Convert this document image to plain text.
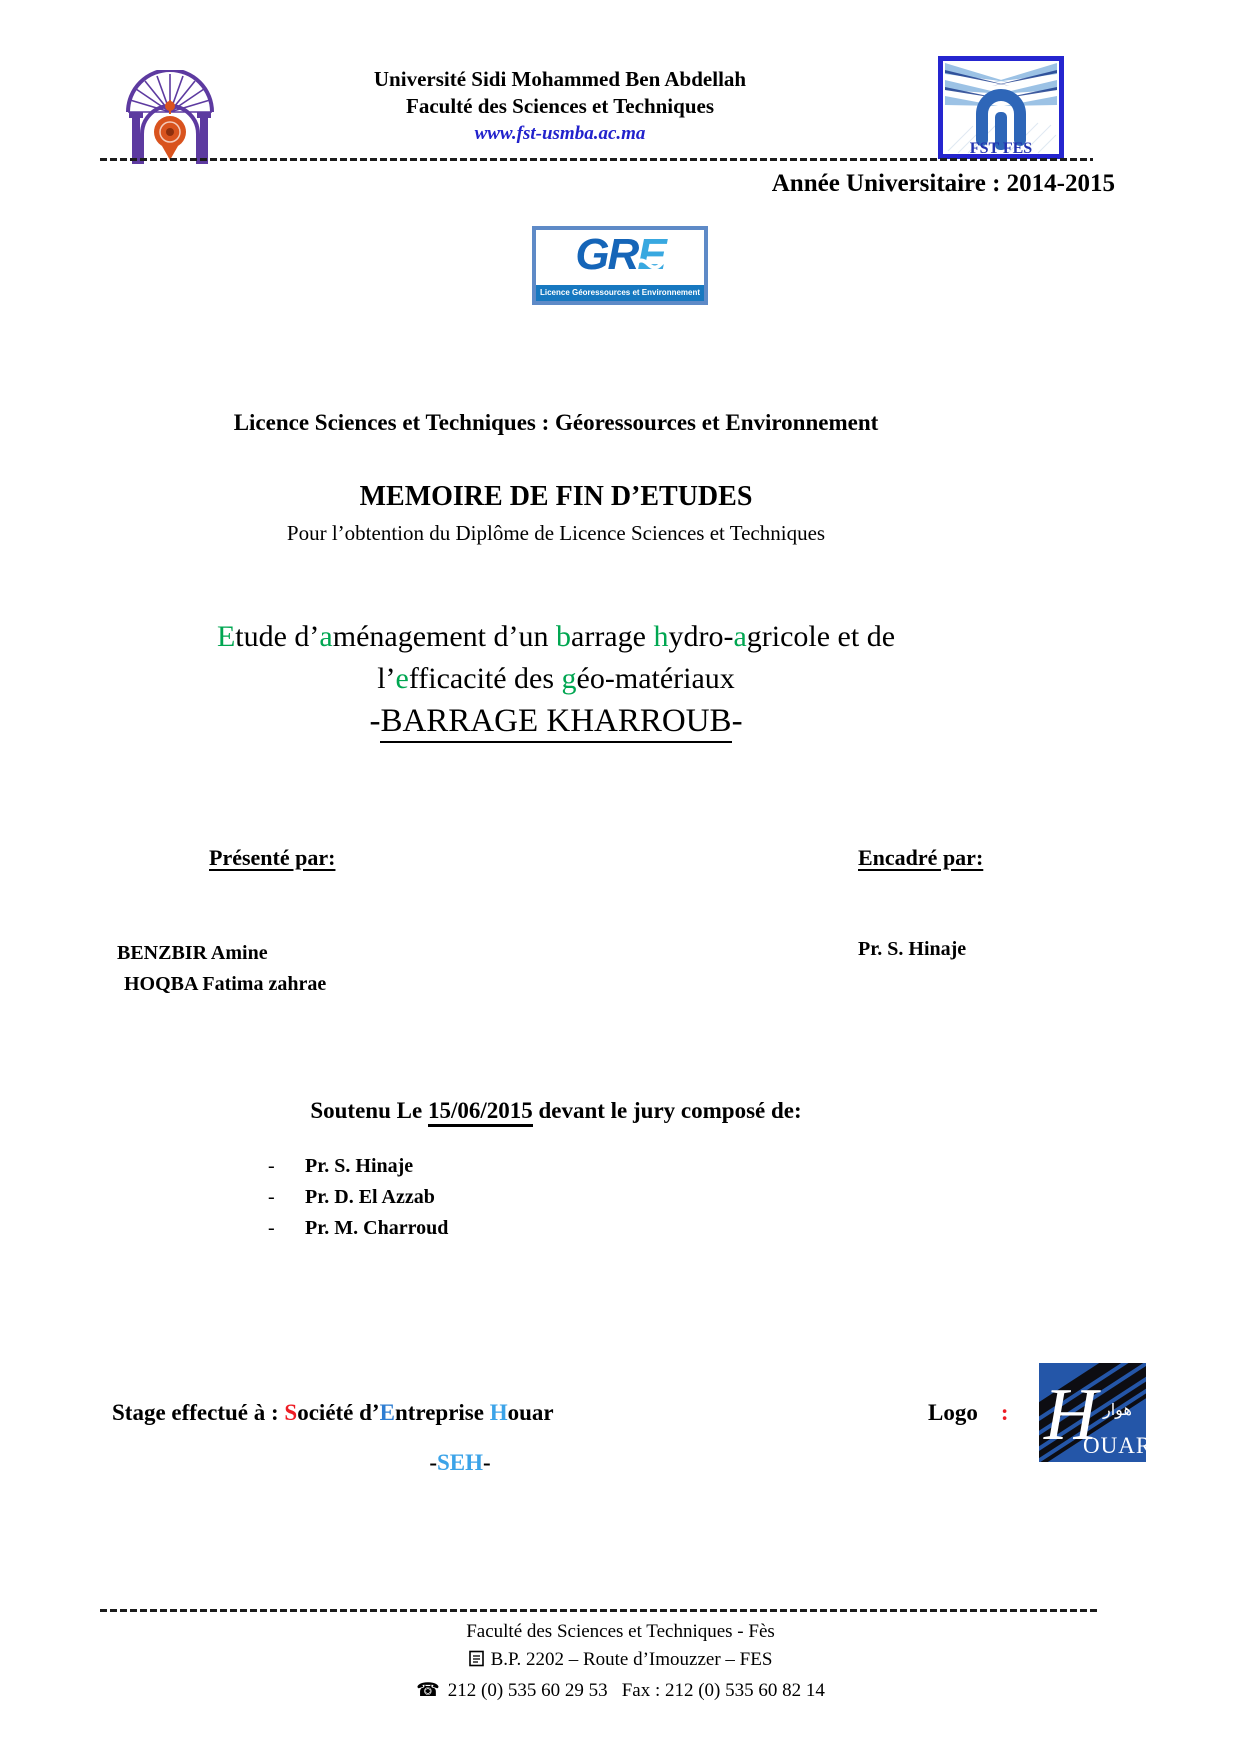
Université Sidi Mohammed Ben Abdellah
Faculté des Sciences et Techniques
www.fst-usmba.ac.ma
FST FES
Année Universitaire : 2014-2015
GR E
Licence Géoressources et Environnement
Licence Sciences et Techniques : Géoressources et Environnement
MEMOIRE DE FIN D’ETUDES
Pour l’obtention du Diplôme de Licence Sciences et Techniques
Etude d’aménagement d’un barrage hydro-agricole et de
l’efficacité des géo-matériaux
-BARRAGE KHARROUB-
Présenté par:	Encadré par:
BENZBIR Amine
HOQBA Fatima zahrae
Pr. S. Hinaje
Soutenu Le 15/06/2015 devant le jury composé de:
-	Pr. S. Hinaje
-	Pr. D. El Azzab
-	Pr. M. Charroud
Stage effectué à : Société d’Entreprise Houar
-SEH-
Logo : H
OUAR
هوار
Faculté des Sciences et Techniques - Fès
B.P. 2202 – Route d’Imouzzer – FES
☎ 212 (0) 535 60 29 53 Fax : 212 (0) 535 60 82 14
